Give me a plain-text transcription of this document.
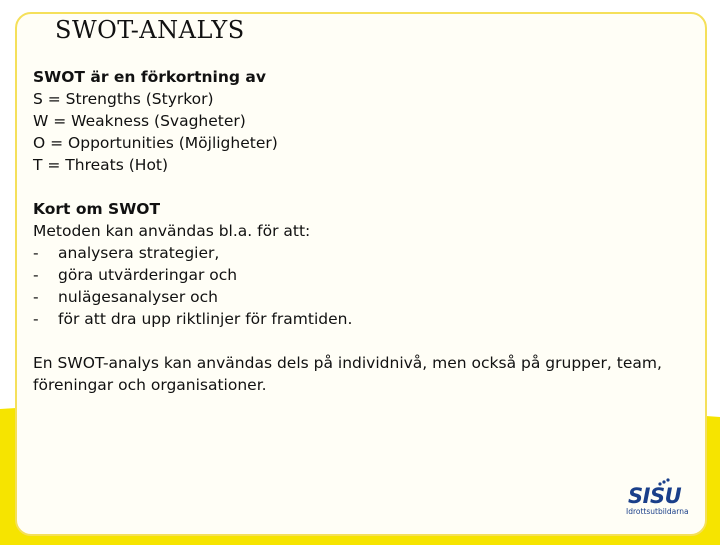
SWOT-ANALYS
SWOT är en förkortning av
S = Strengths (Styrkor)
W = Weakness (Svagheter)
O = Opportunities (Möjligheter)
T = Threats (Hot)
Kort om SWOT
Metoden kan användas bl.a. för att:
-	analysera strategier,
-	göra utvärderingar och
-	nulägesanalyser och
-	för att dra upp riktlinjer för framtiden.
En SWOT-analys kan användas dels på individnivå, men också på grupper, team, föreningar och organisationer.
SISU
Idrottsutbildarna
